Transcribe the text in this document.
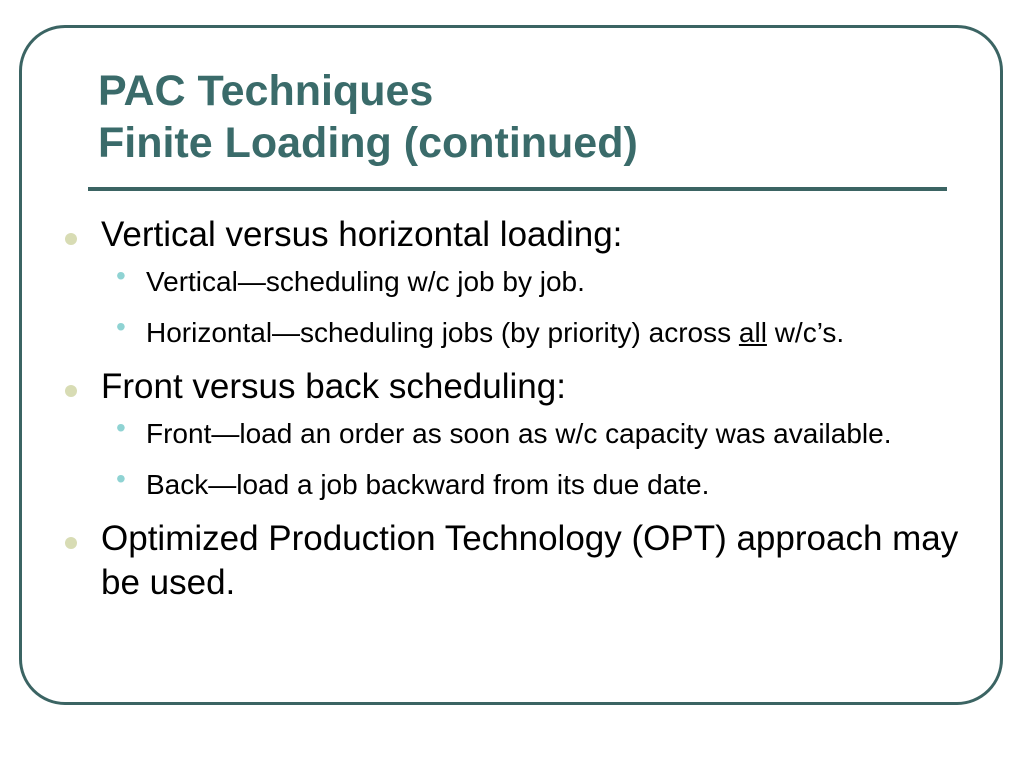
PAC Techniques
Finite Loading (continued)
Vertical versus horizontal loading:
• Vertical—scheduling w/c job by job.
• Horizontal—scheduling jobs (by priority) across all w/c’s.
Front versus back scheduling:
• Front—load an order as soon as w/c capacity was available.
• Back—load a job backward from its due date.
Optimized Production Technology (OPT) approach may be used.
